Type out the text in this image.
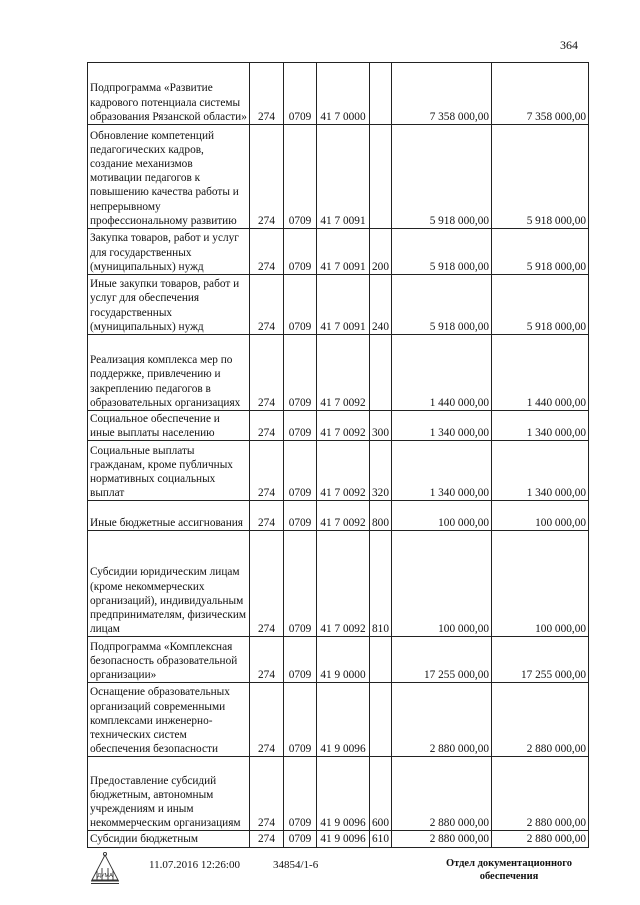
364
Подпрограмма «Развитие кадрового потенциала системы образования Рязанской области»	274	0709	41 7 0000		7 358 000,00	7 358 000,00
Обновление компетенций педагогических кадров, создание механизмов мотивации педагогов к повышению качества работы и непрерывному профессиональному развитию	274	0709	41 7 0091		5 918 000,00	5 918 000,00
Закупка товаров, работ и услуг для государственных (муниципальных) нужд	274	0709	41 7 0091	200	5 918 000,00	5 918 000,00
Иные закупки товаров, работ и услуг для обеспечения государственных (муниципальных) нужд	274	0709	41 7 0091	240	5 918 000,00	5 918 000,00
Реализация комплекса мер по поддержке, привлечению и закреплению педагогов в образовательных организациях	274	0709	41 7 0092		1 440 000,00	1 440 000,00
Социальное обеспечение и иные выплаты населению	274	0709	41 7 0092	300	1 340 000,00	1 340 000,00
Социальные выплаты гражданам, кроме публичных нормативных социальных выплат	274	0709	41 7 0092	320	1 340 000,00	1 340 000,00
Иные бюджетные ассигнования	274	0709	41 7 0092	800	100 000,00	100 000,00
Субсидии юридическим лицам (кроме некоммерческих организаций), индивидуальным предпринимателям, физическим лицам	274	0709	41 7 0092	810	100 000,00	100 000,00
Подпрограмма «Комплексная безопасность образовательной организации»	274	0709	41 9 0000		17 255 000,00	17 255 000,00
Оснащение образовательных организаций современными комплексами инженерно-технических систем обеспечения безопасности	274	0709	41 9 0096		2 880 000,00	2 880 000,00
Предоставление субсидий бюджетным, автономным учреждениям и иным некоммерческим организациям	274	0709	41 9 0096	600	2 880 000,00	2 880 000,00
Субсидии бюджетным	274	0709	41 9 0096	610	2 880 000,00	2 880 000,00
ДУМА
11.07.2016 12:26:00	34854/1-6	Отдел документационного
обеспечения
